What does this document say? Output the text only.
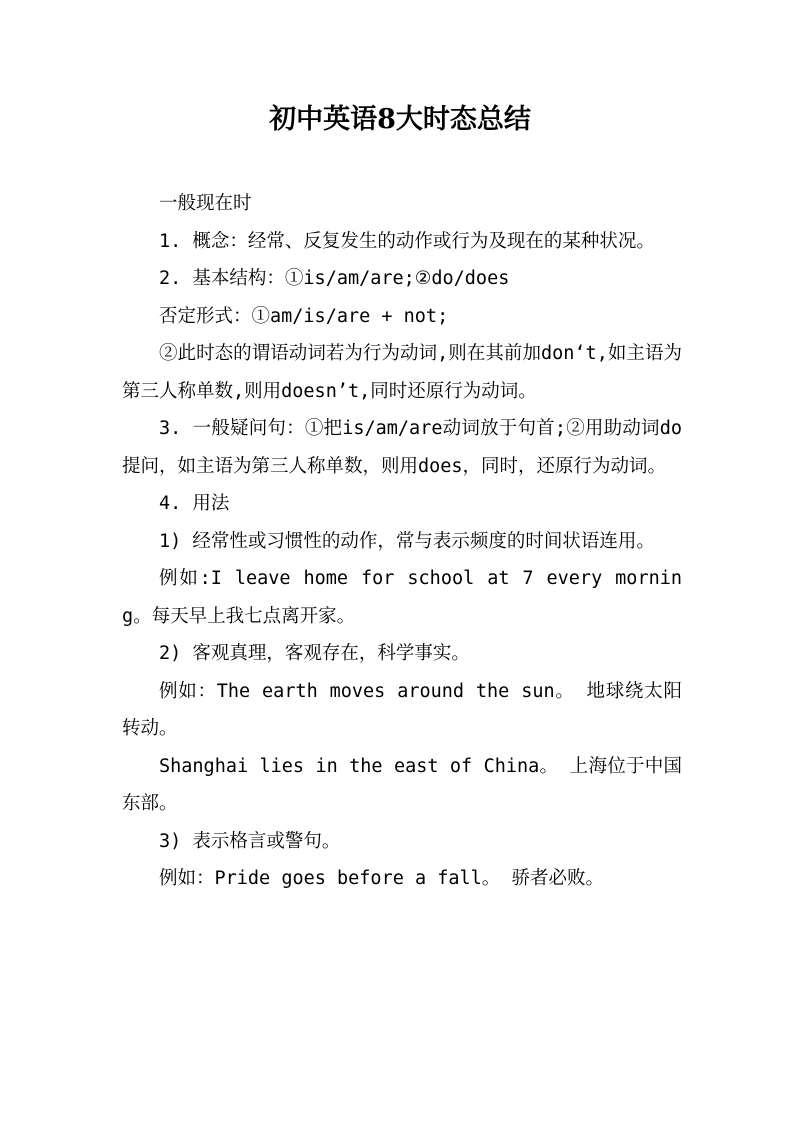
初中英语8大时态总结

一般现在时

1. 概念：经常、反复发生的动作或行为及现在的某种状况。

2. 基本结构：①is/am/are;②do/does

否定形式：①am/is/are + not;

②此时态的谓语动词若为行为动词,则在其前加don‘t,如主语为第三人称单数,则用doesn’t,同时还原行为动词。

3. 一般疑问句：①把is/am/are动词放于句首;②用助动词do提问，如主语为第三人称单数，则用does，同时，还原行为动词。

4. 用法

1) 经常性或习惯性的动作，常与表示频度的时间状语连用。

例如:I leave home for school at 7 every morning。每天早上我七点离开家。

2) 客观真理，客观存在，科学事实。

例如：The earth moves around the sun。 地球绕太阳转动。

Shanghai lies in the east of China。 上海位于中国东部。

3) 表示格言或警句。

例如：Pride goes before a fall。 骄者必败。
